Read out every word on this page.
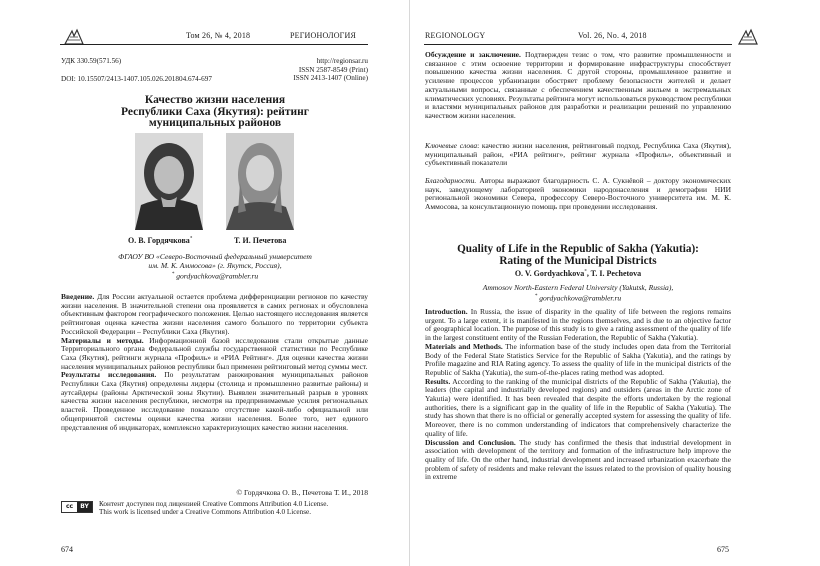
Том 26, № 4, 2018	РЕГИОНОЛОГИЯ
УДК 330.59(571.56)
DOI: 10.15507/2413-1407.105.026.201804.674-697
http://regionsar.ru
ISSN 2587-8549 (Print)
ISSN 2413-1407 (Online)
Качество жизни населения
Республики Саха (Якутия): рейтинг
муниципальных районов
О. В. Гордячкова*	Т. И. Печетова
ФГАОУ ВО «Северо-Восточный федеральный университет
им. М. К. Аммосова» (г. Якутск, Россия),
* gordyachkova@rambler.ru

Введение. Для России актуальной остается проблема дифференциации регионов по качеству жизни населения. В значительной степени она проявляется в самих регионах и обусловлена объективным фактором географического положения. Целью настоящего исследования является рейтинговая оценка качества жизни населения самого большого по территории субъекта Российской Федерации – Республики Саха (Якутия).

Материалы и методы. Информационной базой исследования стали открытые данные Территориального органа Федеральной службы государственной статистики по Республике Саха (Якутия), рейтинги журнала «Профиль» и «РИА Рейтинг». Для оценки качества жизни населения муниципальных районов республики был применен рейтинговый метод суммы мест.

Результаты исследования. По результатам ранжирования муниципальных районов Республики Саха (Якутия) определены лидеры (столица и промышленно развитые районы) и аутсайдеры (районы Арктической зоны Якутии). Выявлен значительный разрыв в уровнях качества жизни населения республики, несмотря на предпринимаемые усилия региональных властей. Проведенное исследование показало отсутствие какой-либо официальной или общепринятой системы оценки качества жизни населения. Более того, нет единого представления об индикаторах, комплексно характеризующих качество жизни населения.

© Гордячкова О. В., Печетова Т. И., 2018
cc	BY	Контент доступен под лицензией Creative Commons Attribution 4.0 License.
This work is licensed under a Creative Commons Attribution 4.0 License.
674
REGIONOLOGY	Vol. 26, No. 4, 2018

Обсуждение и заключение. Подтвержден тезис о том, что развитие промышленности и связанное с этим освоение территории и формирование инфраструктуры способствует повышению качества жизни населения. С другой стороны, промышленное развитие и усиление процессов урбанизации обостряет проблему безопасности жителей и делает актуальными вопросы, связанные с обеспечением качественным жильем в экстремальных климатических условиях. Результаты рейтинга могут использоваться руководством республики и властями муниципальных районов для разработки и реализации решений по управлению качеством жизни населения.

Ключевые слова: качество жизни населения, рейтинговый подход, Республика Саха (Якутия), муниципальный район, «РИА рейтинг», рейтинг журнала «Профиль», объективный и субъективный показатели

Благодарности. Авторы выражают благодарность С. А. Сукнёвой – доктору экономических наук, заведующему лабораторией экономики народонаселения и демографии НИИ региональной экономики Севера, профессору Северо-Восточного университета им. М. К. Аммосова, за консультационную помощь при проведении исследования.

Quality of Life in the Republic of Sakha (Yakutia):
Rating of the Municipal Districts
O. V. Gordyachkova*, T. I. Pechetova
Ammosov North-Eastern Federal University (Yakutsk, Russia),
* gordyachkova@rambler.ru

Introduction. In Russia, the issue of disparity in the quality of life between the regions remains urgent. To a large extent, it is manifested in the regions themselves, and is due to an objective factor of geographical location. The purpose of this study is to give a rating assessment of the quality of life in the largest constituent entity of the Russian Federation, the Republic of Sakha (Yakutia).

Materials and Methods. The information base of the study includes open data from the Territorial Body of the Federal State Statistics Service for the Republic of Sakha (Yakutia), and the ratings by Profile magazine and RIA Rating agency. To assess the quality of life in the municipal districts of the Republic of Sakha (Yakutia), the sum-of-the-places rating method was adopted.

Results. According to the ranking of the municipal districts of the Republic of Sakha (Yakutia), the leaders (the capital and industrially developed regions) and outsiders (areas in the Arctic zone of Yakutia) were identified. It has been revealed that despite the efforts undertaken by the regional authorities, there is a significant gap in the quality of life in the Republic of Sakha (Yakutia). The study has shown that there is no official or generally accepted system for assessing the quality of life. Moreover, there is no common understanding of indicators that comprehensively characterize the quality of life.

Discussion and Conclusion. The study has confirmed the thesis that industrial development in association with development of the territory and formation of the infrastructure help improve the quality of life. On the other hand, industrial development and increased urbanization exacerbate the problem of safety of residents and make relevant the issues related to the provision of quality housing in extreme

675
